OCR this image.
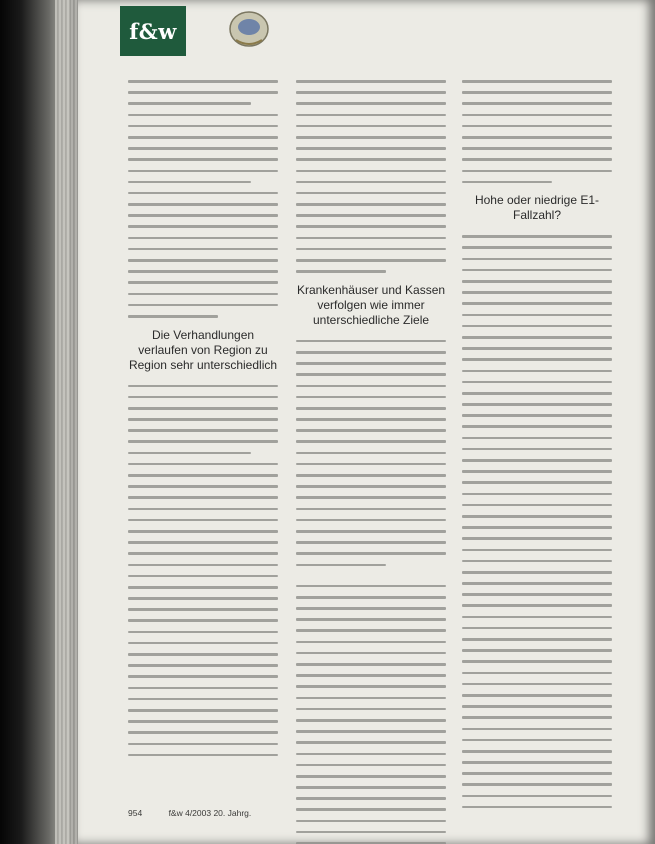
f&w
Die Verhandlungen verlaufen von Region zu Region sehr unterschiedlich
Krankenhäuser und Kassen verfolgen wie immer unterschiedliche Ziele
Hohe oder niedrige E1-Fallzahl?
954	f&w 4/2003 20. Jahrg.
